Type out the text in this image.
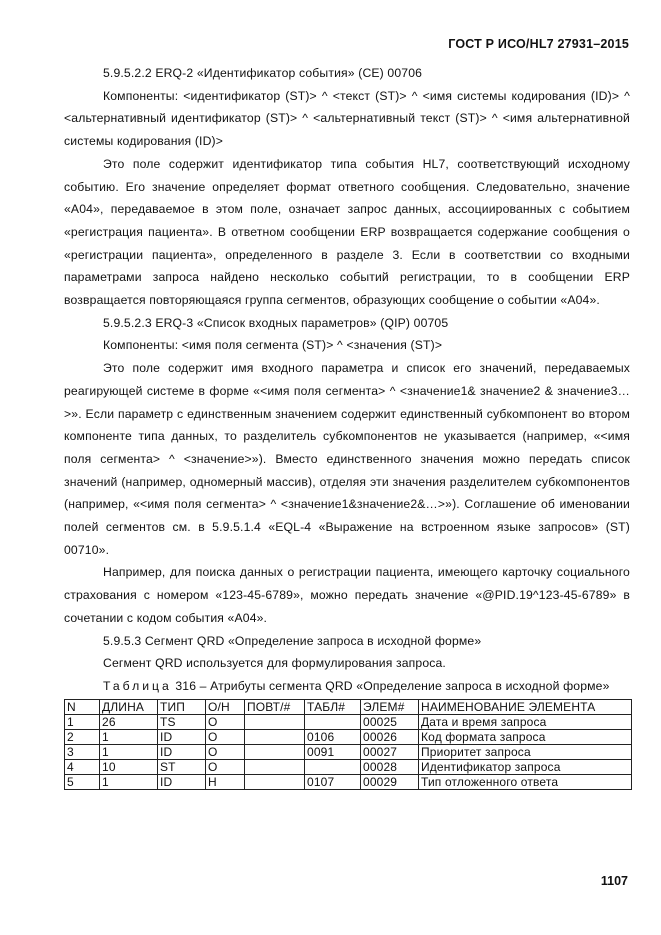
ГОСТ Р ИСО/HL7 27931–2015

5.9.5.2.2 ERQ-2 «Идентификатор события» (CE) 00706

Компоненты: <идентификатор (ST)> ^ <текст (ST)> ^ <имя системы кодирования (ID)> ^ <альтернативный идентификатор (ST)> ^ <альтернативный текст (ST)> ^ <имя альтернативной системы кодирования (ID)>

Это поле содержит идентификатор типа события HL7, соответствующий исходному событию. Его значение определяет формат ответного сообщения. Следовательно, значение «A04», передаваемое в этом поле, означает запрос данных, ассоциированных с событием «регистрация пациента». В ответном сообщении ERP возвращается содержание сообщения о «регистрации пациента», определенного в разделе 3. Если в соответствии со входными параметрами запроса найдено несколько событий регистрации, то в сообщении ERP возвращается повторяющаяся группа сегментов, образующих сообщение о событии «A04».

5.9.5.2.3 ERQ-3 «Список входных параметров» (QIP) 00705

Компоненты: <имя поля сегмента (ST)> ^ <значения (ST)>

Это поле содержит имя входного параметра и список его значений, передаваемых реагирующей системе в форме «<имя поля сегмента> ^ <значение1& значение2 & значение3…>». Если параметр с единственным значением содержит единственный субкомпонент во втором компоненте типа данных, то разделитель субкомпонентов не указывается (например, «<имя поля сегмента> ^ <значение>»). Вместо единственного значения можно передать список значений (например, одномерный массив), отделяя эти значения разделителем субкомпонентов (например, «<имя поля сегмента> ^ <значение1&значение2&…>»). Соглашение об именовании полей сегментов см. в 5.9.5.1.4 «EQL-4 «Выражение на встроенном языке запросов» (ST) 00710».

Например, для поиска данных о регистрации пациента, имеющего карточку социального страхования с номером «123-45-6789», можно передать значение «@PID.19^123-45-6789» в сочетании с кодом события «A04».

5.9.5.3 Сегмент QRD «Определение запроса в исходной форме»

Сегмент QRD используется для формулирования запроса.

Таблица 316 – Атрибуты сегмента QRD «Определение запроса в исходной форме»

N	ДЛИНА	ТИП	О/Н	ПОВТ/#	ТАБЛ#	ЭЛЕМ#	НАИМЕНОВАНИЕ ЭЛЕМЕНТА
1	26	TS	О			00025	Дата и время запроса
2	1	ID	О		0106	00026	Код формата запроса
3	1	ID	О		0091	00027	Приоритет запроса
4	10	ST	О			00028	Идентификатор запроса
5	1	ID	Н		0107	00029	Тип отложенного ответа
1107
